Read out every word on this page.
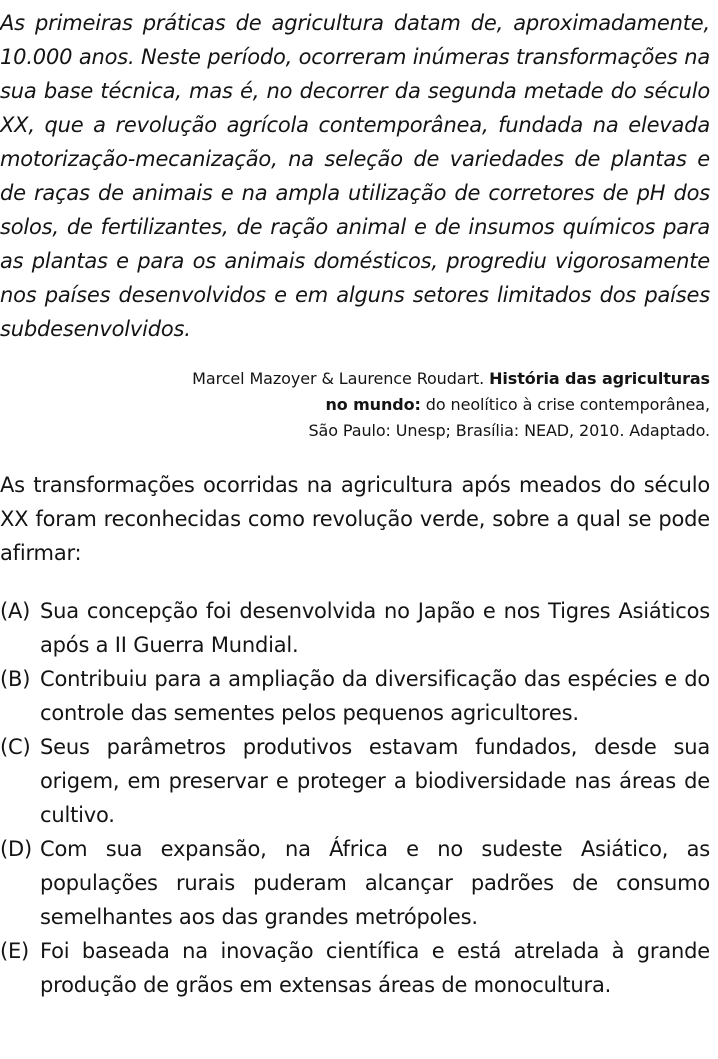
As primeiras práticas de agricultura datam de, aproximadamente, 10.000 anos. Neste período, ocorreram inúmeras transformações na sua base técnica, mas é, no decorrer da segunda metade do século XX, que a revolução agrícola contemporânea, fundada na elevada motorização-mecanização, na seleção de variedades de plantas e de raças de animais e na ampla utilização de corretores de pH dos solos, de fertilizantes, de ração animal e de insumos químicos para as plantas e para os animais domésticos, progrediu vigorosamente nos países desenvolvidos e em alguns setores limitados dos países subdesenvolvidos.

Marcel Mazoyer & Laurence Roudart. História das agriculturas
no mundo: do neolítico à crise contemporânea,
São Paulo: Unesp; Brasília: NEAD, 2010. Adaptado.

As transformações ocorridas na agricultura após meados do século XX foram reconhecidas como revolução verde, sobre a qual se pode afirmar:

(A) Sua concepção foi desenvolvida no Japão e nos Tigres Asiáticos após a II Guerra Mundial.
(B) Contribuiu para a ampliação da diversificação das espécies e do controle das sementes pelos pequenos agricultores.
(C) Seus parâmetros produtivos estavam fundados, desde sua origem, em preservar e proteger a biodiversidade nas áreas de cultivo.
(D) Com sua expansão, na África e no sudeste Asiático, as populações rurais puderam alcançar padrões de consumo semelhantes aos das grandes metrópoles.
(E) Foi baseada na inovação científica e está atrelada à grande produção de grãos em extensas áreas de monocultura.
